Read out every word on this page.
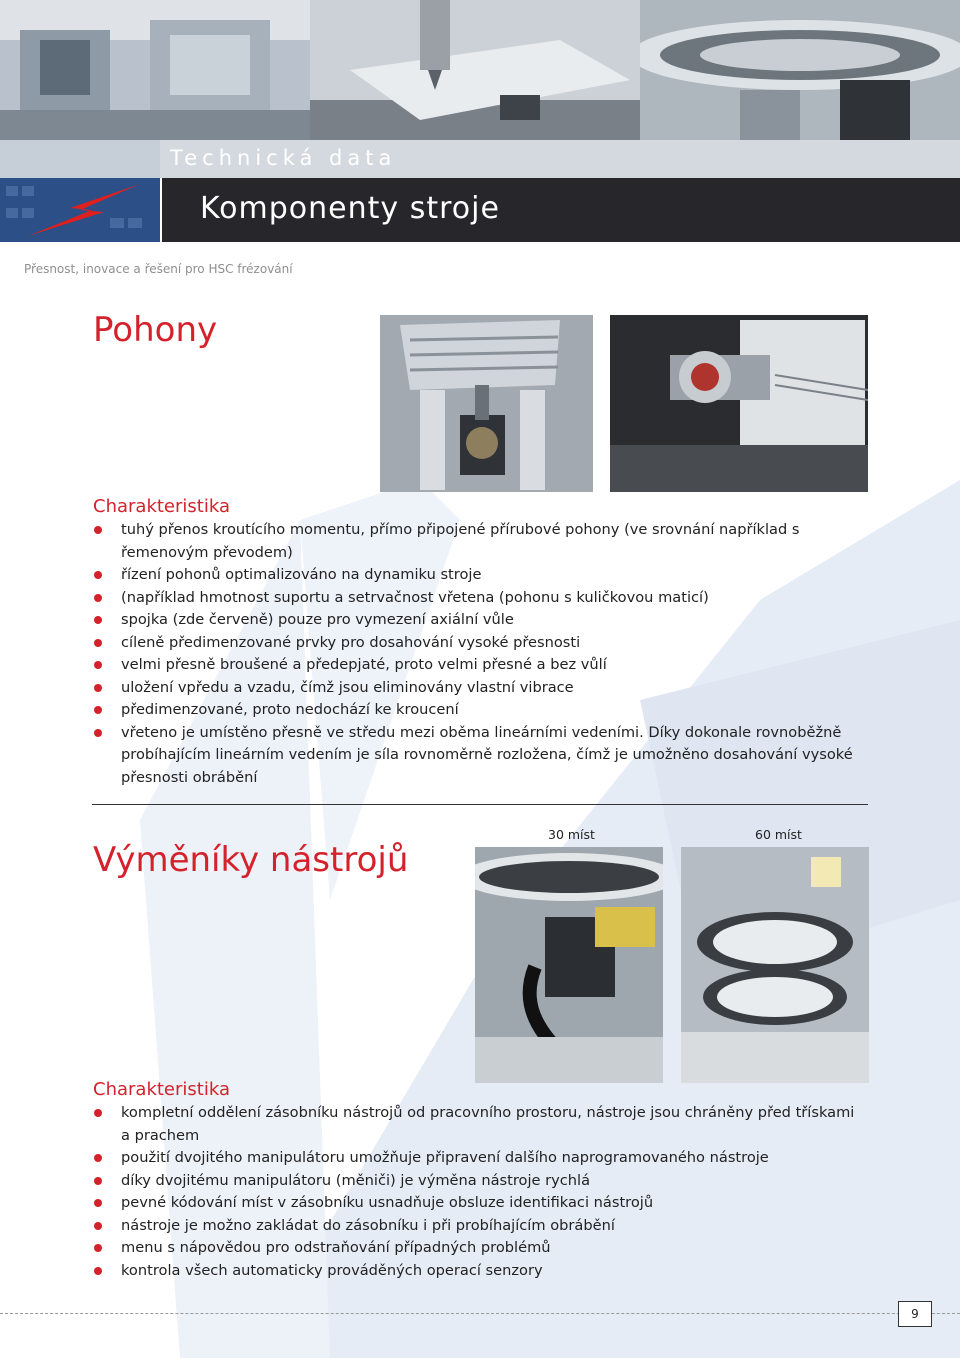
Technická data
Komponenty stroje
Přesnost, inovace a řešení pro HSC frézování
Pohony
Charakteristika
tuhý přenos kroutícího momentu, přímo připojené přírubové pohony (ve srovnání například s řemenovým převodem)
řízení pohonů optimalizováno na dynamiku stroje
(například hmotnost suportu a setrvačnost vřetena (pohonu s kuličkovou maticí)
spojka (zde červeně) pouze pro vymezení axiální vůle
cíleně předimenzované prvky pro dosahování vysoké přesnosti
velmi přesně broušené a předepjaté, proto velmi přesné a bez vůlí
uložení vpředu a vzadu, čímž jsou eliminovány vlastní vibrace
předimenzované, proto nedochází ke kroucení
vřeteno je umístěno přesně ve středu mezi oběma lineárními vedeními. Díky dokonale rovnoběžně probíhajícím lineárním vedením je síla rovnoměrně rozložena, čímž je umožněno dosahování vysoké přesnosti obrábění
Výměníky nástrojů
30 míst	60 míst
Charakteristika
kompletní oddělení zásobníku nástrojů od pracovního prostoru, nástroje jsou chráněny před třískami a prachem
použití dvojitého manipulátoru umožňuje připravení dalšího naprogramovaného nástroje
díky dvojitému manipulátoru (měniči) je výměna nástroje rychlá
pevné kódování míst v zásobníku usnadňuje obsluze identifikaci nástrojů
nástroje je možno zakládat do zásobníku i při probíhajícím obrábění
menu s nápovědou pro odstraňování případných problémů
kontrola všech automaticky prováděných operací senzory
9
